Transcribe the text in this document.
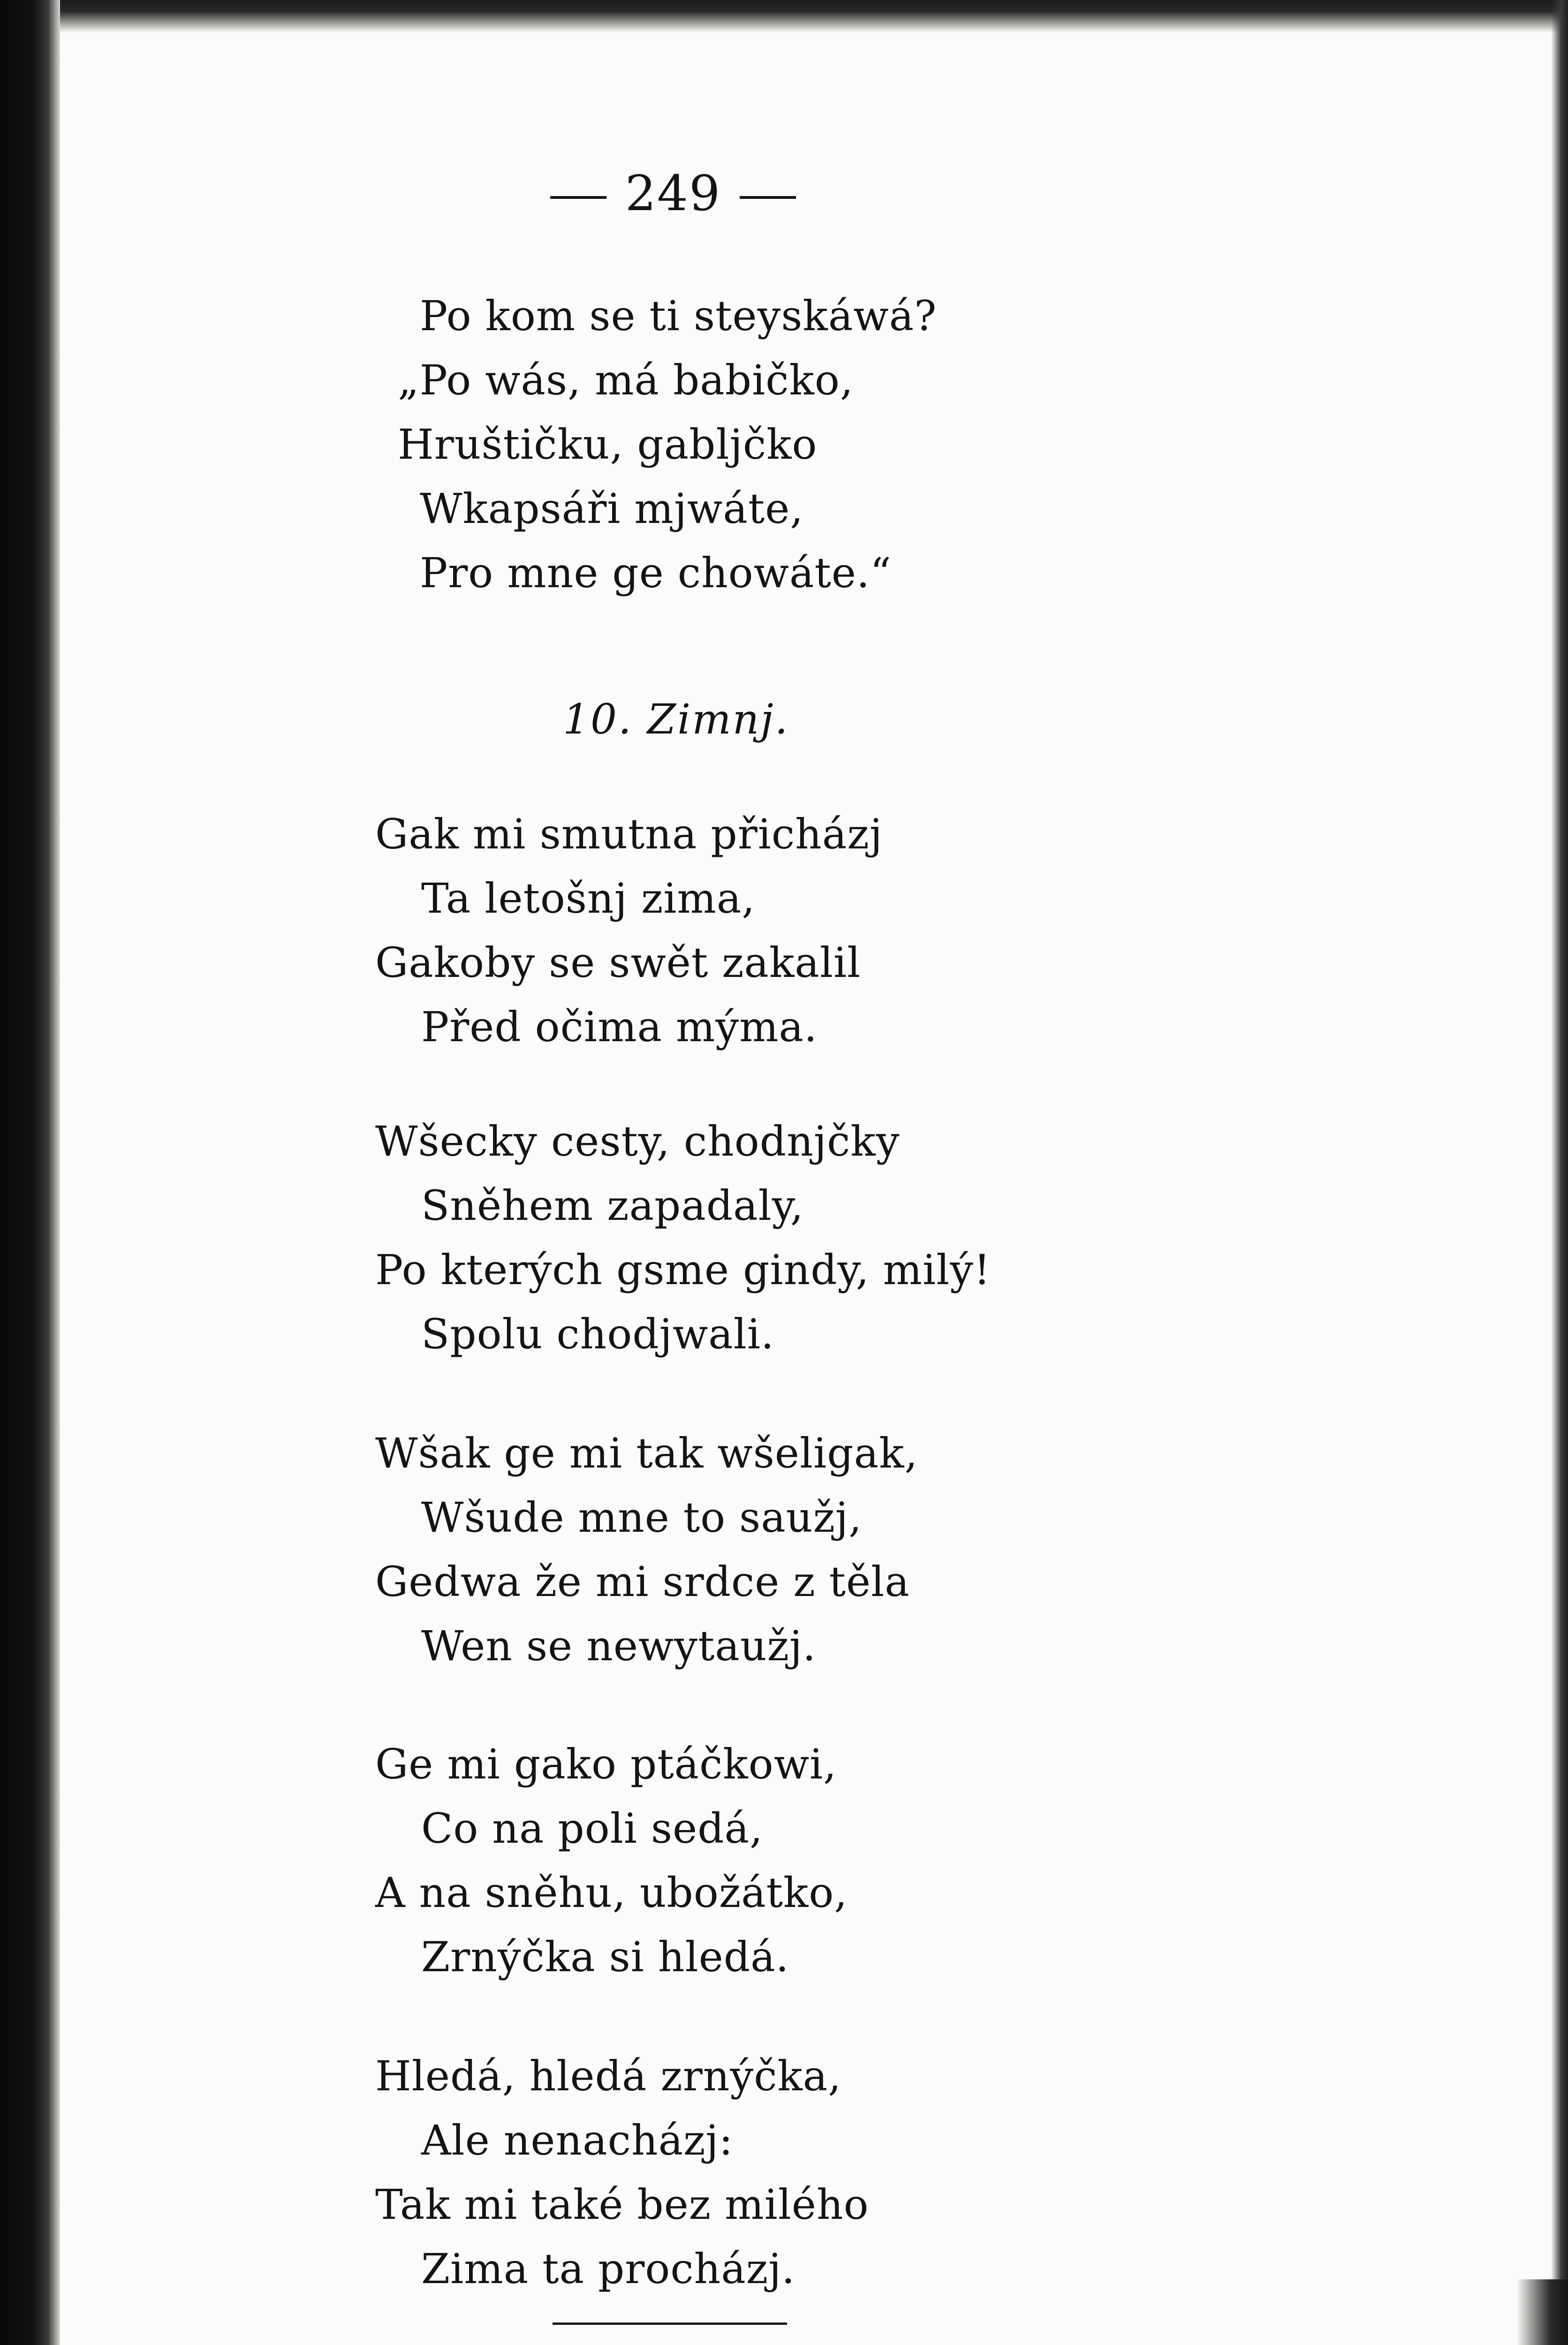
249
Po kom se ti steyskáwá?
„Po wás, má babičko,
Hruštičku, gabljčko
Wkapsáři mjwáte,
Pro mne ge chowáte.“
10. Zimnj.
Gak mi smutna přicházj
Ta letošnj zima,
Gakoby se swět zakalil
Před očima mýma.
Wšecky cesty, chodnjčky
Sněhem zapadaly,
Po kterých gsme gindy, milý!
Spolu chodjwali.
Wšak ge mi tak wšeligak,
Wšude mne to saužj,
Gedwa že mi srdce z těla
Wen se newytaužj.
Ge mi gako ptáčkowi,
Co na poli sedá,
A na sněhu, ubožátko,
Zrnýčka si hledá.
Hledá, hledá zrnýčka,
Ale nenacházj:
Tak mi také bez milého
Zima ta procházj.
